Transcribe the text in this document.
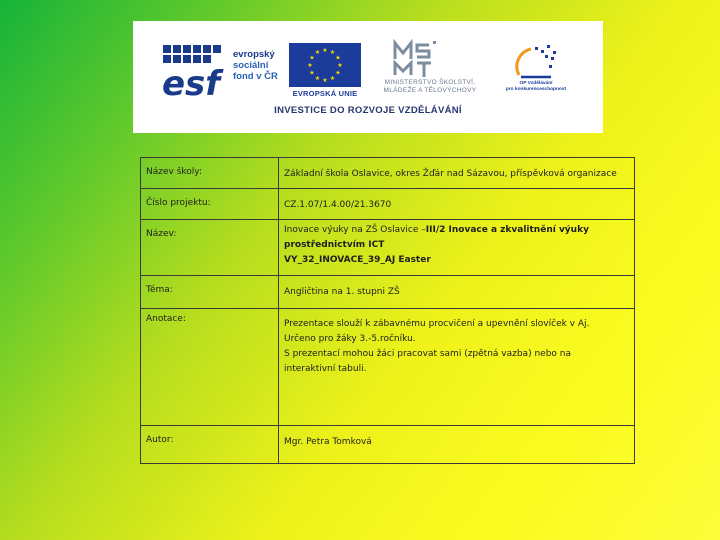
esf
evropský
sociální
fond v ČR
★ ★
★
★
★
★
★
★
★
★
★
★
EVROPSKÁ UNIE
MINISTERSTVO ŠKOLSTVÍ,
MLÁDEŽE A TĚLOVÝCHOVY
OP Vzdělávání
pro konkurenceschopnost
INVESTICE DO ROZVOJE VZDĚLÁVÁNÍ
Název školy:	Základní škola Oslavice, okres Žďár nad Sázavou, příspěvková organizace
Číslo projektu:	CZ.1.07/1.4.00/21.3670
Název:	Inovace výuky na ZŠ Oslavice –III/2 Inovace a zkvalitnění výuky prostřednictvím ICT
VY_32_INOVACE_39_AJ Easter
Téma:	Angličtina na 1. stupni ZŠ
Anotace:	Prezentace slouží k zábavnému procvičení a upevnění slovíček v Aj.
Určeno pro žáky 3.-5.ročníku.
S prezentací mohou žáci pracovat sami (zpětná vazba) nebo na
interaktivní tabuli.

Autor:	Mgr. Petra Tomková
